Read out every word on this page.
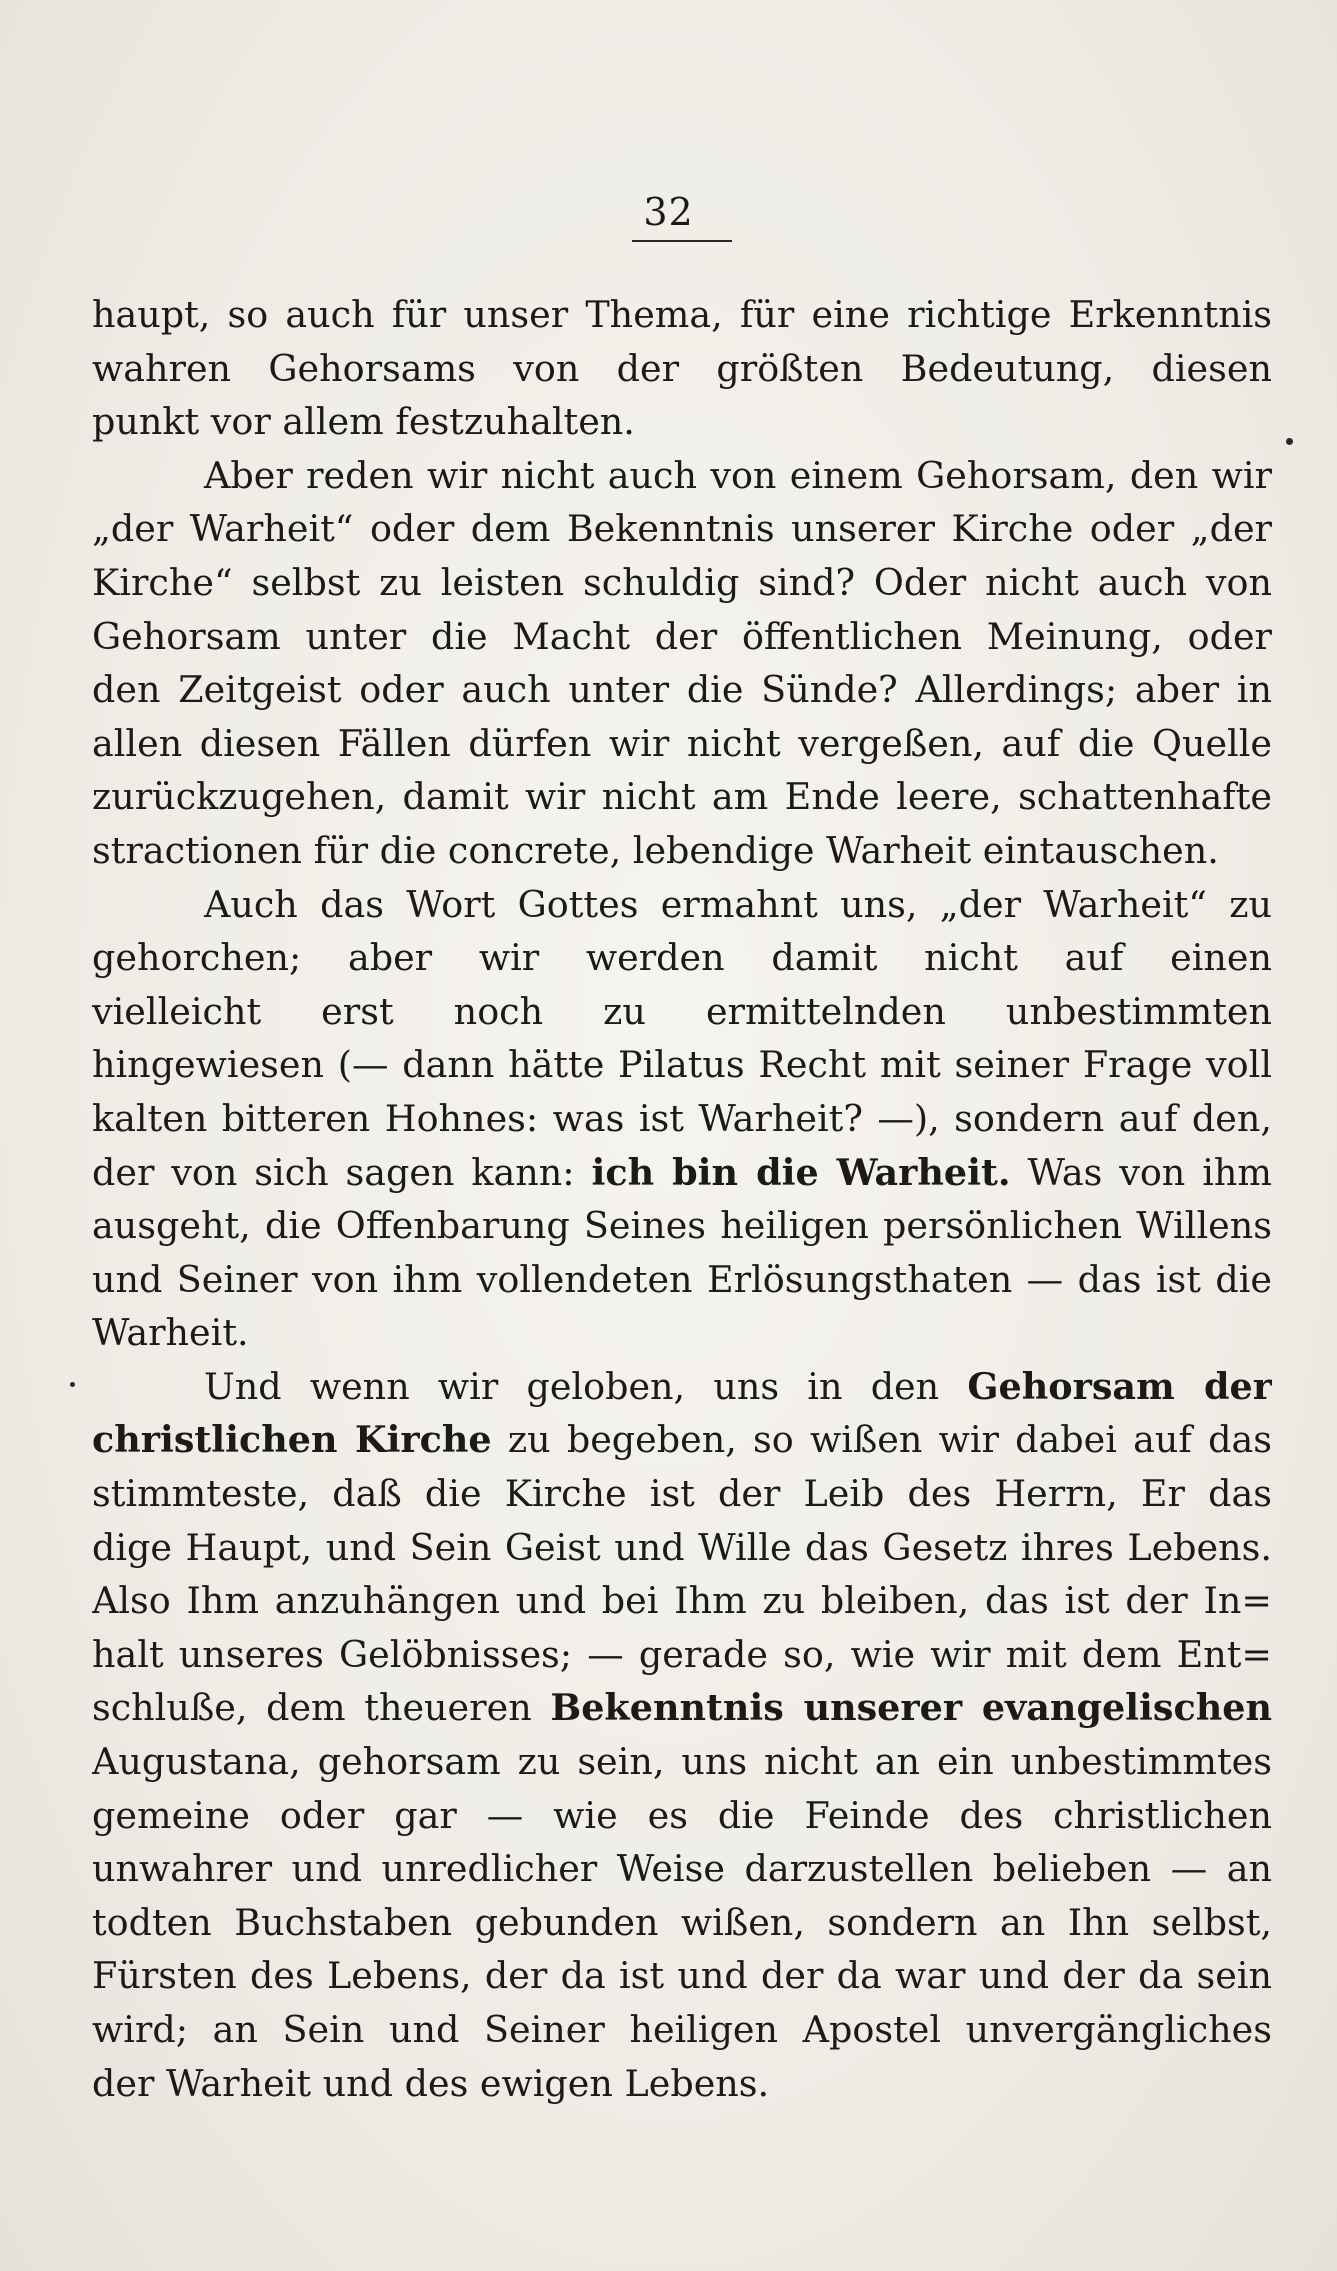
32
haupt, so auch für unser Thema, für eine richtige Erkenntnis
wahren Gehorsams von der größten Bedeutung, diesen
punkt vor allem festzuhalten.
Aber reden wir nicht auch von einem Gehorsam, den wir
„der Warheit“ oder dem Bekenntnis unserer Kirche oder „der
Kirche“ selbst zu leisten schuldig sind? Oder nicht auch von
Gehorsam unter die Macht der öffentlichen Meinung, oder
den Zeitgeist oder auch unter die Sünde? Allerdings; aber in
allen diesen Fällen dürfen wir nicht vergeßen, auf die Quelle
zurückzugehen, damit wir nicht am Ende leere, schattenhafte
stractionen für die concrete, lebendige Warheit eintauschen.
Auch das Wort Gottes ermahnt uns, „der Warheit“ zu
gehorchen; aber wir werden damit nicht auf einen
vielleicht erst noch zu ermittelnden unbestimmten
hingewiesen (— dann hätte Pilatus Recht mit seiner Frage voll
kalten bitteren Hohnes: was ist Warheit? —), sondern auf den,
der von sich sagen kann: ich bin die Warheit. Was von ihm
ausgeht, die Offenbarung Seines heiligen persönlichen Willens
und Seiner von ihm vollendeten Erlösungsthaten — das ist die
Warheit.
Und wenn wir geloben, uns in den Gehorsam der
christlichen Kirche zu begeben, so wißen wir dabei auf das
stimmteste, daß die Kirche ist der Leib des Herrn, Er das
dige Haupt, und Sein Geist und Wille das Gesetz ihres Lebens.
Also Ihm anzuhängen und bei Ihm zu bleiben, das ist der In=
halt unseres Gelöbnisses; — gerade so, wie wir mit dem Ent=
schluße, dem theueren Bekenntnis unserer evangelischen
Augustana, gehorsam zu sein, uns nicht an ein unbestimmtes
gemeine oder gar — wie es die Feinde des christlichen
unwahrer und unredlicher Weise darzustellen belieben — an
todten Buchstaben gebunden wißen, sondern an Ihn selbst,
Fürsten des Lebens, der da ist und der da war und der da sein
wird; an Sein und Seiner heiligen Apostel unvergängliches
der Warheit und des ewigen Lebens.
